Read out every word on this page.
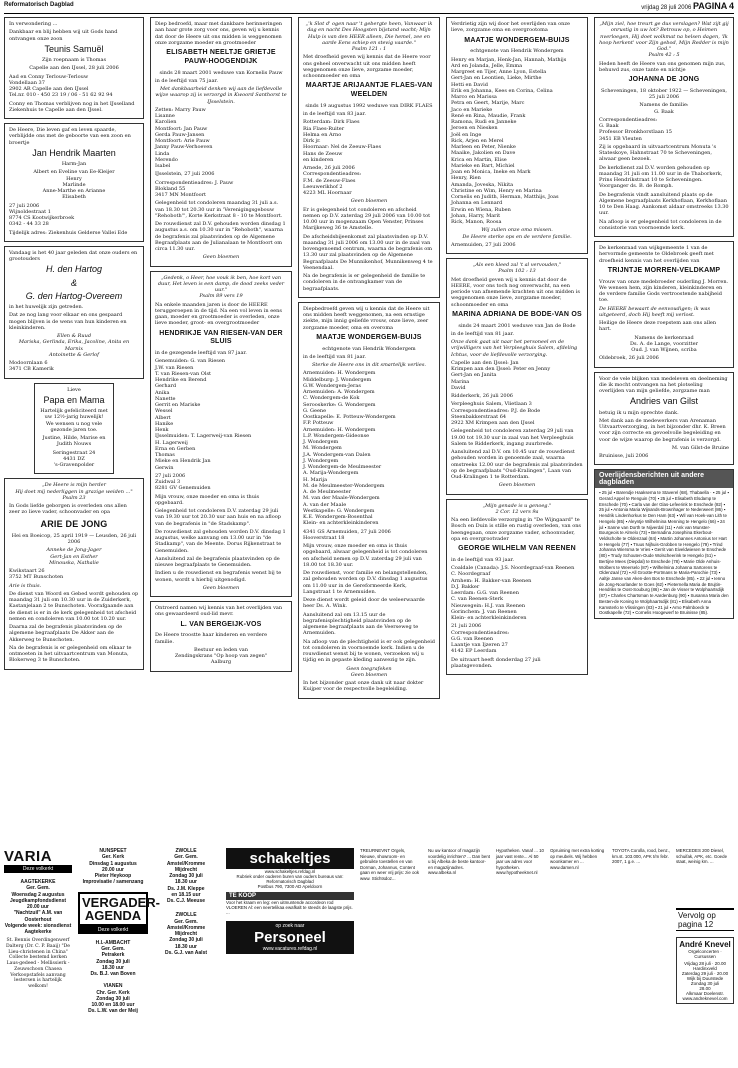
Reformatorisch Dagblad	vrijdag 28 juli 2006 PAGINA 4

In verwondering ...

Dankbaar en blij hebben wij uit Gods hand ontvangen onze zoon

Teunis Samuël

Zijn roepnaam is Thomas

Capelle aan den IJssel, 28 juli 2006

Aad en Conny Terlouw-Terlouw
Vondellaan 37
2902 AR Capelle aan den IJssel
Tel.nr. 010 - 450 23 19 / 06 - 51 62 92 94

Conny en Thomas verblijven nog in het IJsselland Ziekenhuis te Capelle aan den IJssel.

De Heere, Die leven gaf en leven spaarde, verblijdde ons met de geboorte van een zoon en broertje

Jan Hendrik Maarten

Harm-Jan

Albert en Eveline van Ee-Kleijer
Henry
Marlinde
Anne-Marthe en Arianne
Elisabeth

27 juli 2006
Wijnoldestraat 1
8774 CS Kootwijkerbroek
0342 - 44 33 28

Tijdelijk adres: Ziekenhuis Gelderse Vallei Ede

Vandaag is het 40 jaar geleden dat onze ouders en grootouders

H. den Hartog
&
G. den Hartog-Overeem

in het huwelijk zijn getreden.

Dat ze nog lang voor elkaar en ons gespaard mogen blijven is de wens van hun kinderen en kleinkinderen.

Ellen & Ruud
Mariska, Gerlinda, Erika, Jacoline, Anita en Marnix
Antoinette & Gerlof

Modoornlaan 6
3471 CB Kamerik

Lieve

Papa en Mama

Hartelijk gefeliciteerd met uw 12½-jarig huwelijk!
We wensen u nog vele gezonde jaren toe.

Justine, Hilde, Marise en Judith Nouws

Seringestraat 24
4431 DZ
's-Gravenpolder

„De Heere is mijn herder
Hij doet mij nederliggen in grazige weiden ..."
Psalm 23

In Gods liefde geborgen is overleden ons allen zeer zo lieve vader, schoonvader en opa

ARIE DE JONG

Hei en Boeicop, 25 april 1919 — Leusden, 26 juli 2006

Anneke de Jong-Jager
Gert-Jan en Esther
Minouska, Nathalie

Kwikstaart 26
3752 MT Bunschoten

Arie is thuis.

De dienst van Woord en Gebed wordt gehouden op maandag 31 juli om 10.30 uur in de Zuiderkerk, Kastanjelaan 2 te Bunschoten. Voorafgaande aan de dienst is er in de kerk gelegenheid tot afscheid nemen en condoleren van 10.00 tot 10.20 uur.

Daarna zal de begrafenis plaatsvinden op de algemene begraafplaats De Akker aan de Akkerweg te Bunschoten.

Na de begrafenis is er gelegenheid om elkaar te ontmoeten in het uitvaartcentrum van Monuta, Blokerweg 3 te Bunschoten.

Diep bedroefd, maar met dankbare herinneringen aan haar grote zorg voor ons, geven wij u kennis dat door de Heere uit ons midden is weggenomen onze zorgzame moeder en grootmoeder

ELISABETH NEELTJE GRIETJE PAUW-HOOGENDIJK

sinds 28 maart 2001 weduwe van Kornelis Pauw

in de leeftijd van 75 jaar.

Met dankbaarheid denken wij aan de liefdevolle wijze waarop zij is verzorgd in Kwoord Santhorst te IJsselstein.

Zetten: Marry Pauw
Lisanne
Karolien
Montfoort: Jan Pauw
Gerda Pauw-Jansen
Montfoort: Arie Pauw
Janny Pauw-Verhoeven
Linda
Merendo
Isabel

IJsselstein, 27 juli 2006

Correspondentieadres: J. Pauw
Blokland 55
3417 MN Montfoort

Gelegenheid tot condoleren maandag 31 juli a.s. van 18.30 tot 20.30 uur in 'Verenigingsgebouw "Rehoboth"', Korte Kerkstraat 8 - 10 te Montfoort.

De rouwdienst zal D.V. gehouden worden dinsdag 1 augustus a.s. om 10.30 uur in "Rehoboth", waarna de begrafenis zal plaatsvinden op de Algemene Begraafplaats aan de Julianalaan te Montfoort om circa 11.30 uur.

Geen bloemen

„Gedenk, o Heer, hoe vouk ik ben, hoe kort van duur, Het leven is een damp, de dood zeeks veder uur."
Psalm 89 vers 19

Na enkele maanden jaren is door de HEERE teruggeroepen in de tijd. Na een vol leven in eens gaan, moeder en grootmoeder is overleden, onze lieve moeder, groot- en overgrootmoeder

HENDRIKJE VAN RIESEN-VAN DER SLUIS

in de gezegende leeftijd van 87 jaar.

Genemuiden: G. van Riesen
J.W. van Riesen
T. van Riesen-van Olst
Hendrike en Berend
Gerhard
Anika
Nanette
Gerrit en Mariske
Wessel
Albert
Hanike
Henk
IJsselmuiden: T. Lagerweij-van Riesen
H. Lagerweij
Erna en Gerben
Thomas
Mieke en Hendrik Jan
Gerwin

27 juli 2006
Zuidwal 3
8281 GV Genemuiden

Mijn vrouw, onze moeder en oma is thuis opgebaard.

Gelegenheid tot condoleren D.V. zaterdag 29 juli van 19.30 uur tot 20.30 uur aan huis en na afloop van de begrafenis in "de Stadskamp".

De rouwdienst zal gehouden worden D.V. dinsdag 1 augustus, welke aanvang om 13.00 uur in "de Stadkamp", van de Meente. Dorus Rijkenstraat te Genemuiden.

Aansluitend zal de begrafenis plaatsvinden op de nieuwe begraafplaats te Genemuiden.

Indien u de rouwdienst en begrafenis wenst bij te wonen, wordt u hierbij uitgenodigd.

Geen bloemen

Ontroerd namen wij kennis van het overlijden van ons gewaardeerd oud-lid mevr.

L. VAN BERGEIJK-VOS

De Heere troostte haar kinderen en verdere familie.

Bestuur en leden van
Zendingskrans "Op hoop van zegen"
Aalburg

„'k Slot d' ogen naar 't gebergte heen, Vanwaar ik dag en nacht Des Hoogsten bijstand wacht; Mijn Hulp is van den HEER alleen, Die hemel, zee en aarde Eens schiep en stevig vaarde."
Psalm 121 : 1

Met droefheid geven wij kennis dat de Heere voor ons geheel onverwacht uit ons midden heeft weggenomen onze lieve, zorgzame moeder, schoonmoeder en oma

MAARTJE ARIJAANTJE FLAES-VAN WEELDEN

sinds 19 augustus 1992 weduwe van DIRK FLAES

in de leeftijd van 83 jaar.

Rotterdam: Dirk Flaes
Ria Flaes-Ruiter
Helma en Arno
Dirk jr.
Hoornaar: Nel de Zeeuw-Flaes
Hans de Zeeuw
en kinderen

Arnede, 26 juli 2006
Correspondentieadres:
F.M. de Zeeuw-Flaes
Leeuwerikhof 2
4223 ML Hoornaar

Geen bloemen

Er is gelegenheid tot condoleren en afscheid nemen op D.V. zaterdag 29 juli 2006 van 10.00 tot 10.00 uur in mogenzaam Open Venster, Prinses Marijkeweg 36 te Amstelle.

De afscheidsbijeenkomst zal plaatsvinden op D.V. maandag 31 juli 2006 om 13.00 uur in de zaal van bovengenoemd centrum, waarna de begrafenis om 13.30 uur zal plaatsvinden op de Algemene Begraafplaats De Munnikenhof, Munnikenweg 4 te Veenendaal.

Na de begrafenis is er gelegenheid de familie te condoleren in de ontvangkamer van de begraafplaats.

Diepbedroefd geven wij u kennis dat de Heere uit ons midden heeft weggenomen, na een ernstige ziekte, mijn innig geliefde vrouw, onze lieve, zeer zorgzame moeder, oma en overoma

MAATJE WONDERGEM-BUIJS

echtgenote van Hendrik Wondergem

in de leeftijd van 81 jaar.

Sterke de Heere ons in dit smartelijk verlies.

Arnemuiden: H. Wondergem
Middelburg: J. Wondergem
G.W. Wondergem-Jeras
Arnemuiden: A. Wondergem
C. Wondergem-de Kok
Serooskerke: G. Wondergem
G. Geene
Oostkapelle: E. Potteuw-Wondergem
F.P. Potteuw
Arnemuiden: H. Wondergem
L.P. Wondergem-Gideonse
J. Wondergem
M. Wondergem
J.A. Wondergem-van Dalen
J. Wondergem
J. Wondergem-de Meulmeester
A. Marija-Wondergem
H. Marija
M. de Meulmeester-Wondergem
A. de Meulmeester
M. van der Maale-Wondergem
A. van der Maale
Westkapelle: G. Wondergem
K.E. Wondergem-Bosenthal
Klein- en achterkleinkinderen

4341 GS Arnemuiden, 27 juli 2006
Hooverstraat 18

Mijn vrouw, onze moeder en oma is thuis opgebaard, alwaar gelegenheid is tot condoleren en afscheid nemen op D.V. zaterdag 29 juli van 18.00 tot 18.30 uur.

De rouwdienst, voor familie en belangstellenden, zal gehouden worden op D.V. dinsdag 1 augustus om 11.00 uur in de Gereformeerde Kerk, Langstraat 1 te Arnemuiden.

Deze dienst wordt geleid door de weleerwaarde heer Ds. A. Wink.

Aansluitend zal om 13.15 uur de begrafenisplechtigheid plaatsvinden op de algemene begraafplaats aan de Veerseweg te Arnemuiden.

Na afloop van de plechtigheid is er ook gelegenheid tot condoleren in voornoemde kerk. Indien u de rouwdienst wenst bij te wonen, verzoeken wij u tijdig en in gepaste kleding aanwezig te zijn.

Geen toegrafeken
Geen bloemen

In het bijzonder gaat onze dank uit naar dokter Kuijper voor de respectvolle begeleiding.

Verdrietig zijn wij door het overlijden van onze lieve, zorgzame oma en overgrootoma

MAATJE WONDERGEM-BUIJS

echtgenote van Hendrik Wondergem

Henry en Marjan, Henk-Jan, Hannah, Mathijs
Ard en Jolanda, Jelle, Emma
Margreet en Tijer, Anne Lyon, Estella
Gert-Jan en Leontien, Lieke, Mirthe
Hetti en David
Erik en Johanna, Kees en Corina, Celina
Marco en Marissa
Petra en Geert, Marije, Marc
Jaco en Marieke
René en Rina, Maudie, Frank
Ramona, Rudi en Janneke
Jeroen en Niesken
Joël en Inge
Rick, Arjen en Merel
Marleen en Peter, Nienke
Maaike, Jakolien en Dave
Krica en Martin, Elise
Marieke en Bart, Michiel
Joan en Monica, Ineke en Mark
Henry, Rien
Amanda, Joveska, Nikita
Christine en Wim, Henry en Marina
Cornelis en Judith, Herman, Matthijs, Joas
Johanna en Lennard
Erwin en Wiena, Ruben
Johan, Harry, Marit
Rick, Manon, Roosa

Wij zullen onze oma missen.
De Heere sterke ops en de verdere familie.

Arnemuiden, 27 juli 2006

„Als een kleed zal 't al vervouden,"
Psalm 102 : 13

Met droefheid geven wij u kennis dat door de HEERE, voor ons toch nog onverwacht, na een periode van afnemende krachten uit ons midden is weggenomen onze lieve, zorgzame moeder, schoonmoeder en oma

MARINA ADRIANA DE BODE-VAN OS

sinds 24 maart 2001 weduwe van Jan de Bode

in de leeftijd van 81 jaar.

Onze dank gaat uit naar het personeel en de vrijwilligers van het Verpleeghuis Salem, afdeling Ichtus, voor de liefdevolle verzorging.

Capelle aan den IJssel: Jan
Krimpen aan den IJssel: Peter en Jenny
Gert-Jan en Janita
Marina
David

Ridderkerk, 26 juli 2006

Verpleeghuis Salem, Vlietlaan 3
Correspondentieadres: P.J. de Bode
Steenbakkerstraat 64
2922 XM Krimpen aan den IJssel

Gelegenheid tot condoleren zaterdag 29 juli van 19.00 tot 19.30 uur in zaal van het Verpleeghuis Salem te Ridderkerk, ingang zuurbrede.

Aansluitend zal D.V. om 10.45 uur de rouwdienst gehouden worden in genoemde zaal, waarna omstreeks 12.00 uur de begrafenis zal plaatsvinden op de begraafplaats "Oud-Kralingen", Laan van Oud-Kralingen 1 te Rotterdam.

Geen bloemen

„Mijn genade is u genoeg."
2 Cor. 12 vers 9a

Na een liefdevolle verzorging in "De Wijngaard" te Bosch en Duin is stille en rustig overleden, van ons heengegaan, onze zorgzame vader, schoonvader, opa en overgrootvader

GEORGE WILHELM VAN REENEN

in de leeftijd van 93 jaar.

Coaldale (Canada): J.S. Noordegraaf-van Reenen
C. Noordegraaf
Arnhem: H. Bakker-van Reenen
D.J. Bakker
Leerdam: G.G. van Reenen
C. van Reenen-Sterk
Nieuwegein: H.J. van Reenen
Gorinchem: J. van Reenen
Klein- en achterkleinkinderen

21 juli 2006
Correspondentieadres:
G.G. van Reenen
Laantje van Ijzeren 27
4142 EP Leerdam

De uitvaart heeft donderdag 27 juli plaatsgevonden.

„Mijn ziel, hoe treurt ge dus verslagen? Wat zijt gij onrustig in uw lot? Betrouw op, o Heimen nverloegen, Hij doet wolkmat na helsen dagen, 'Ik hoop herkent' voor Zijn gebod, Mijn Redder is mijn God."
Psalm 42 : 5

Heden heeft de Heere van ons genomen mijn zus, behuwd zus, onze tante en nichtje

JOHANNA DE JONG

Scheveningen, 18 oktober 1922 — Scheveningen, 25 juli 2006

Namens de familie:
G. Baak

Correspondentieadres:
G. Baak
Professor Bronkhorstlaan 15
3451 EB Vleuten

Zij is opgebaard in uitvaartcentrum Monuta 's Stateskoye, Hahnstraat 70 te Scheveningen, alwaar geen bezoek.

De kerkdienst zal D.V. worden gehouden op maandag 31 juli om 11.00 uur in de Thaborkerk, Prins Hendrikstraat 10 te Scheveningen. Voorganger ds. B. de Romph.

De begrafenis vindt aansluitend plaats op de Algemene begraafplaats Kerkhoflaan, Kerkhoflaan 10 te Den Haag. Aankomst aldaar omstreeks 13.30 uur.

Na afloop is er gelegenheid tot condoleren in de consistorie van voornoemde kerk.

De kerkenraad van wijkgemeente 1 van de hervormde gemeente te Oldebroek geeft met droefheid kennis van het overlijden van

TRIJNTJE MORREN-VELDKAMP

Vrouw van onze medebroeder ouderling J. Morren. We wensen hem, zijn kinderen, kleinkinderen en de verdere familie Gods vertroostende nabijheid toe.

De HEERE bewaart de eenvoudigen; ik was uitgeteerd, doch Hij heeft mij verlost.

Heilige de Heere deze roepstem aan ons allen hart.

Namens de kerkenraad
Ds. A. de Lange, voorzitter
Oud. J. van Wijnen, scriba

Oldebroek, 26 juli 2006

Voor de vele blijken van medeleven en deelneming die ik mocht ontvangen na het plotseling overlijden van mijn geliefde, zorgzame man

Andries van Gilst

betuig ik u mijn oprechte dank.

Met dank aan de medewerkers van Arenaman Uitvaartverzorging, in het bijzonder dhr. K. Breen voor zijn correcte en gevoelvolle begeleiding en voor de wijze waarop de begrafenis is verzorgd.

M. van Gilst-de Bruine

Bruinisse, juli 2006

Overlijdensberichten uit andere dagbladen
▪ 25 jul ▪ Barendje Haaksema te Staverel (68), Thabaella · ▪ 25 jul ▪ Gerard Appel te Renguin (70) ▪ 25 jul ▪ Elisabeth Elsdamp te Enschede (70) ▪ Carla van der Glas-Lefeerink te Enschede (82) ▪ 25 jul ▪ Antonia Maria Wijnands-Brownhager te Nederweert (86) ▪ Hendrik Lindenhorkus te Den Ham (63) ▪ Wil van Hoek-van Lith te Hengelo (85) ▪ Aleyntje Wilhelmina Menning te Hengelo (66) ▪ 24 jul ▪ Sanne van Dorth te Nijverdal (11) ▪ Ank van Munster-Bourgeois te Almelo (73) ▪ Bernadina Josephina Ekerbout-Veldscholte te Oldenzaal (84) ▪ Martin Johannes Antonius ter Hart te Hengelo (77) ▪ Truus Nijhuis-Grobben te Hengelo (79) ▪ Trind Johanna Wiersma te Vries ▪ Gerrit van Eiveldwiesen te Enschede (80) ▪ Trudy Schouten-Oude Wolscheerink te Hengelo (51) ▪ Bertijne Mees (Diepdal) te Enschede (78) ▪ Marie Olde Anhuis-Wolbers te Weerselo (87) ▪ Wilhelmina Johanna Sartorens te Oldenzaal (72) ▪ All Grootte-Portmans te Maria-Parochie (73) ▪ Aaltje Janse van Aken-den Bos te Enschede (85). ▪ 22 jul ▪ Ienno de Jong-Noorlander te Goes (62) ▪ Pieternella Maria de Brujtin-Hendriks te Oost-Souburg (86) ▪ Jan de Visser te Wolphaartsdijk (87) ▪ Charles Chartsman te Aardenburg (90) ▪ Susanna Maria den Besten-de Koning te Wolphaartsdijk (81) ▪ Elisabeth Anna Kamsterlo te Vlissingen (83) ▪ 21 jul ▪ Arno Palmboeck te Oostkapelle (72) ▪ Cornelis Hoogewerf te Bruinisse (85).
VARIA
Deze volkerkt
AAGTEKERKE
Ger. Gem.
Woensdag 2 augustus
Jeugdkampfondsdienst 20.00 uur
"Nachtzuil" A.M. van Oosterhout
Volgende week: sionsdienst
Aagtekerke
St. Bennis Overdingenwerf Dalterg (Dr. C. P. Baaij) "De Lieu-christenen in China" Collecte bestemd kerken Laus-gedeed - Mellissierk - Zeuwschoon Chasea Verkoopstafels aanvang lestersen is hartelijk welkom!
NUNSPEET
Ger. Kerk
Dinsdag 1 augustus
20.00 uur
Pieter Heykoop
Improvisatie / samenzang
VERGADER-
AGENDA
Deze volkerkt
H.I.-AMBACHT
Ger. Gem.
Petrakerk
Zondag 30 juli
18.30 uur
Ds. B.J. van Boven
VIANEN
Chr. Ger. Kerk
Zondag 30 juli
10.00 en 18.00 uur
Ds. L.W. van der Meij
ZWOLLE
Ger. Gem.
Amstel/Kromme
Mijdrecht
Zondag 30 juli
18.30 uur
Ds. J.M. Kleppe
en 18.15 uur
Ds. C.J. Meeuse
ZWOLLE
Ger. Gem.
Amstel/Kromme
Mijdrecht
Zondag 30 juli
18.30 uur
Ds. G.J. van Aalst
schakeltjes
www.schakeltjes.refdag.nl
Rubriek onder ouderen buren van ouders bureaus van:
Reformatorisch Dagblad
Postbus 790, 7300 AD Apeldoorn
TE KOOP
Voor het kraam en leg: een uitmuntende accordeon rod VLOEREN Al: een neertelikaa ewafkalt te steeds de laagste prijs. ...
op zoek naar
Personeel
www.vacatures.refdag.nl
TREURNEVNT Orgels, Nieuwe, showroom- en gebruikte toestellen en van Dorman, Johannus, Content gaan en weer vrij prijs: zie ook www. Stichtsdoz...
Nu uw kantoor of magazijn voordelig inrichten? ... Dan bent u bij Albeka de beste kantoor- en magazijnadres. www.albeka.nl
Hypotheken. Vanaf ... 10 jaar vast rente... Al 50 jaar uw adres voor hypotheken. www.hypotheeknet.nl
Opruiming met extra korting op meubels. Wij hebben woonkamer en ... www.damen.nl
TOYOTA Corolla, rood, benz., km.st. 103.000, APK t/m febr. 2007, 1 g.e. ...
MERCEDES 200 Diesel, schuifak, APK, etc. Goede staat, weinig km. ...
Vervolg op pagina 12
André Knevel
Orgelconcerten · Cursussen
Vrijdag 28 juli · 20.00
Hardinxveld
Zaterdag 29 juli · 20.00
Wijk bij Duurstede
Zondag 30 juli
28.00
Alkmaar Doelenstr.
www.andreknevel.com
